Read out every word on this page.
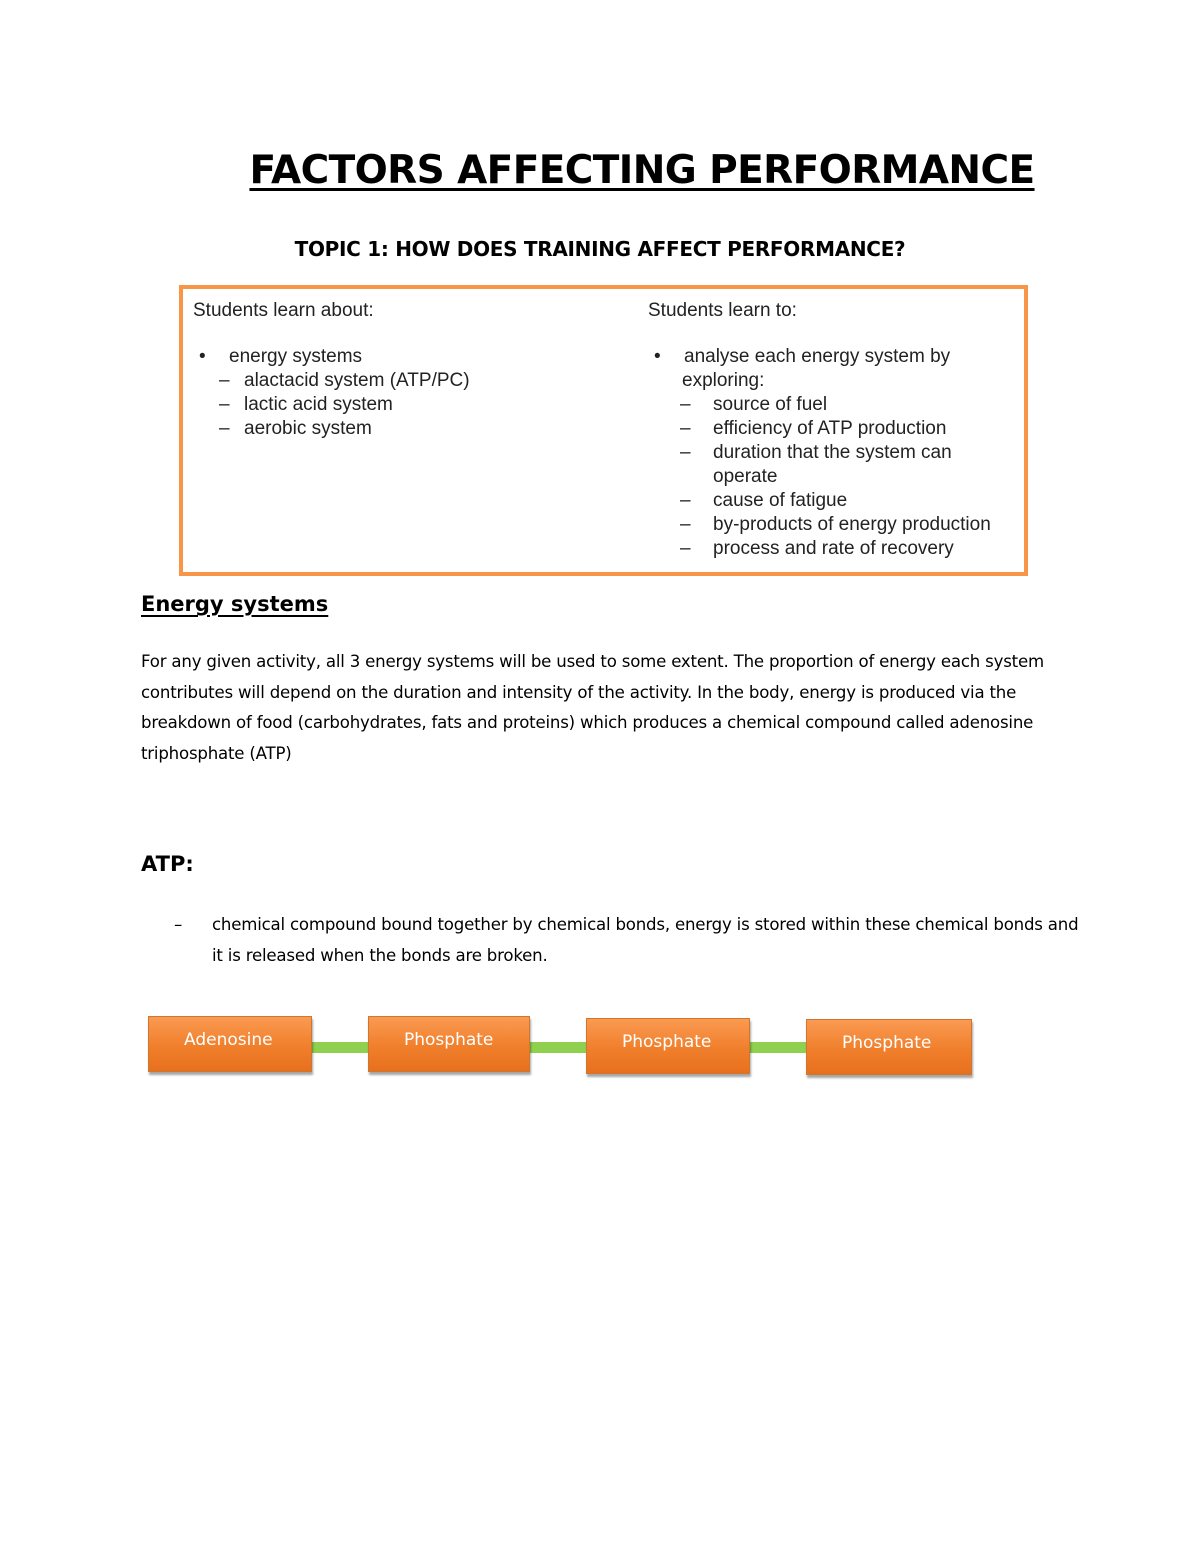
FACTORS AFFECTING PERFORMANCE
TOPIC 1: HOW DOES TRAINING AFFECT PERFORMANCE?
Students learn about:
• energy systems
– alactacid system (ATP/PC)
– lactic acid system
– aerobic system
Students learn to:
• analyse each energy system by
exploring:
– source of fuel
– efficiency of ATP production
– duration that the system can
operate
– cause of fatigue
– by-products of energy production
– process and rate of recovery
Energy systems
For any given activity, all 3 energy systems will be used to some extent. The proportion of energy each system contributes will depend on the duration and intensity of the activity. In the body, energy is produced via the breakdown of food (carbohydrates, fats and proteins) which produces a chemical compound called adenosine triphosphate (ATP)
ATP:
– chemical compound bound together by chemical bonds, energy is stored within these chemical bonds and it is released when the bonds are broken.
Adenosine	Phosphate	Phosphate	Phosphate
